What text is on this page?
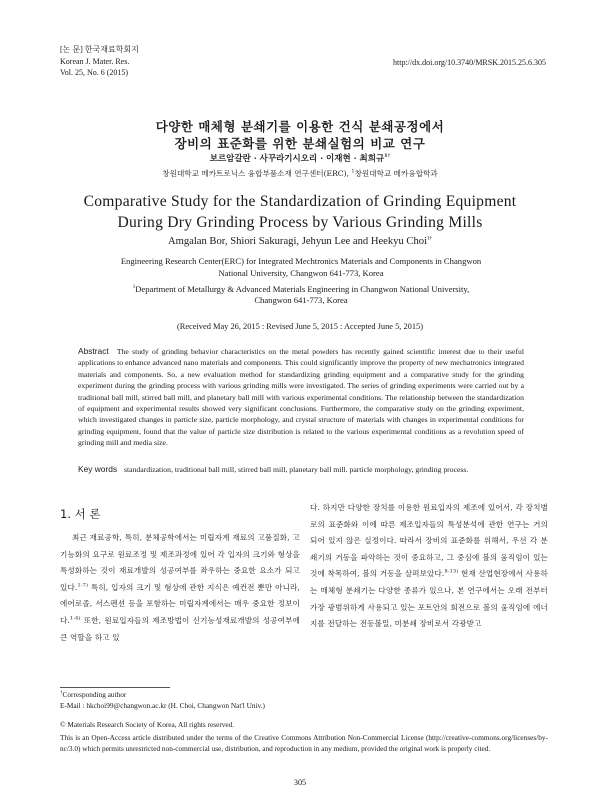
[논 문] 한국재료학회지
Korean J. Mater. Res.
Vol. 25, No. 6 (2015)
http://dx.doi.org/10.3740/MRSK.2015.25.6.305
다양한 매체형 분쇄기를 이용한 건식 분쇄공정에서
장비의 표준화를 위한 분쇄실험의 비교 연구
보르암갈란 · 사꾸라기시오리 · 이재현 · 최희규$^{1\dagger}$
창원대학교 메카트로닉스 융합부품소재 연구센터(ERC), $^1$창원대학교 메카융합학과
Comparative Study for the Standardization of Grinding Equipment
During Dry Grinding Process by Various Grinding Mills
Amgalan Bor, Shiori Sakuragi, Jehyun Lee and Heekyu Choi$^{1\dagger}$
Engineering Research Center(ERC) for Integrated Mechtronics Materials and Components in Changwon
National University, Changwon 641-773, Korea
$^1$Department of Metallurgy & Advanced Materials Engineering in Changwon National University,
Changwon 641-773, Korea
(Received May 26, 2015 : Revised June 5, 2015 : Accepted June 5, 2015)
Abstract The study of grinding behavior characteristics on the metal powders has recently gained scientific interest due to their useful applications to enhance advanced nano materials and components. This could significantly improve the property of new mechatronics integrated materials and components. So, a new evaluation method for standardizing grinding equipment and a comparative study for the grinding experiment during the grinding process with various grinding mills were investigated. The series of grinding experiments were carried out by a traditional ball mill, stirred ball mill, and planetary ball mill with various experimental conditions. The relationship between the standardization of equipment and experimental results showed very significant conclusions. Furthermore, the comparative study on the grinding experiment, which investigated changes in particle size, particle morphology, and crystal structure of materials with changes in experimental conditions for grinding equipment, found that the value of particle size distribution is related to the various experimental conditions as a revolution speed of grinding mill and media size.
Key words standardization, traditional ball mill, stirred ball mill, planetary ball mill. particle morphology, grinding process.
1. 서 론
최근 재료공학, 특히, 분체공학에서는 미립자계 재료의 고품질화, 고기능화의 요구로 원료조정 및 제조과정에 있어 각 입자의 크기와 형상을 특성화하는 것이 재료개발의 성공여부를 좌우하는 중요한 요소가 되고 있다.$^{1-7)}$ 특히, 입자의 크기 및 형상에 관한 지식은 예컨전 뿐만 아니라, 에어로졸, 서스펜션 등을 포함하는 미립자계에서는 매우 중요한 정보이다.$^{1-4)}$ 또한, 원료입자들의 제조방법이 신기능성재료개발의 성공여부에 큰 역할을 하고 있
다. 하지만 다양한 장치를 이용한 원료입자의 제조에 있어서, 각 장치별로의 표준화와 이에 따른 제조입자들의 특성분석에 관한 연구는 거의 되어 있지 않은 실정이다. 따라서 장비의 표준화를 위해서, 우선 각 분쇄기의 거동을 파악하는 것이 중요하고, 그 중심에 볼의 움직임이 있는 것에 착목하여, 볼의 거동을 살펴보았다.$^{8-13)}$ 현재 산업현장에서 사용하는 매체형 분쇄기는 다양한 종류가 있으나, 본 연구에서는 오래 전부터 가장 광범위하게 사용되고 있는 포트안의 회전으로 볼의 움직임에 에너지를 전달하는 전동볼밀, 미분쇄 장비로서 각광받고
†Corresponding author
E-Mail : hkchoi99@changwon.ac.kr (H. Choi, Changwon Nat'l Univ.)
© Materials Research Society of Korea, All rights reserved.
This is an Open-Access article distributed under the terms of the Creative Commons Attribution Non-Commercial License (http://creative-commons.org/licenses/by-nc/3.0) which permits unrestricted non-commercial use, distribution, and reproduction in any medium, provided the original work is properly cited.
305
